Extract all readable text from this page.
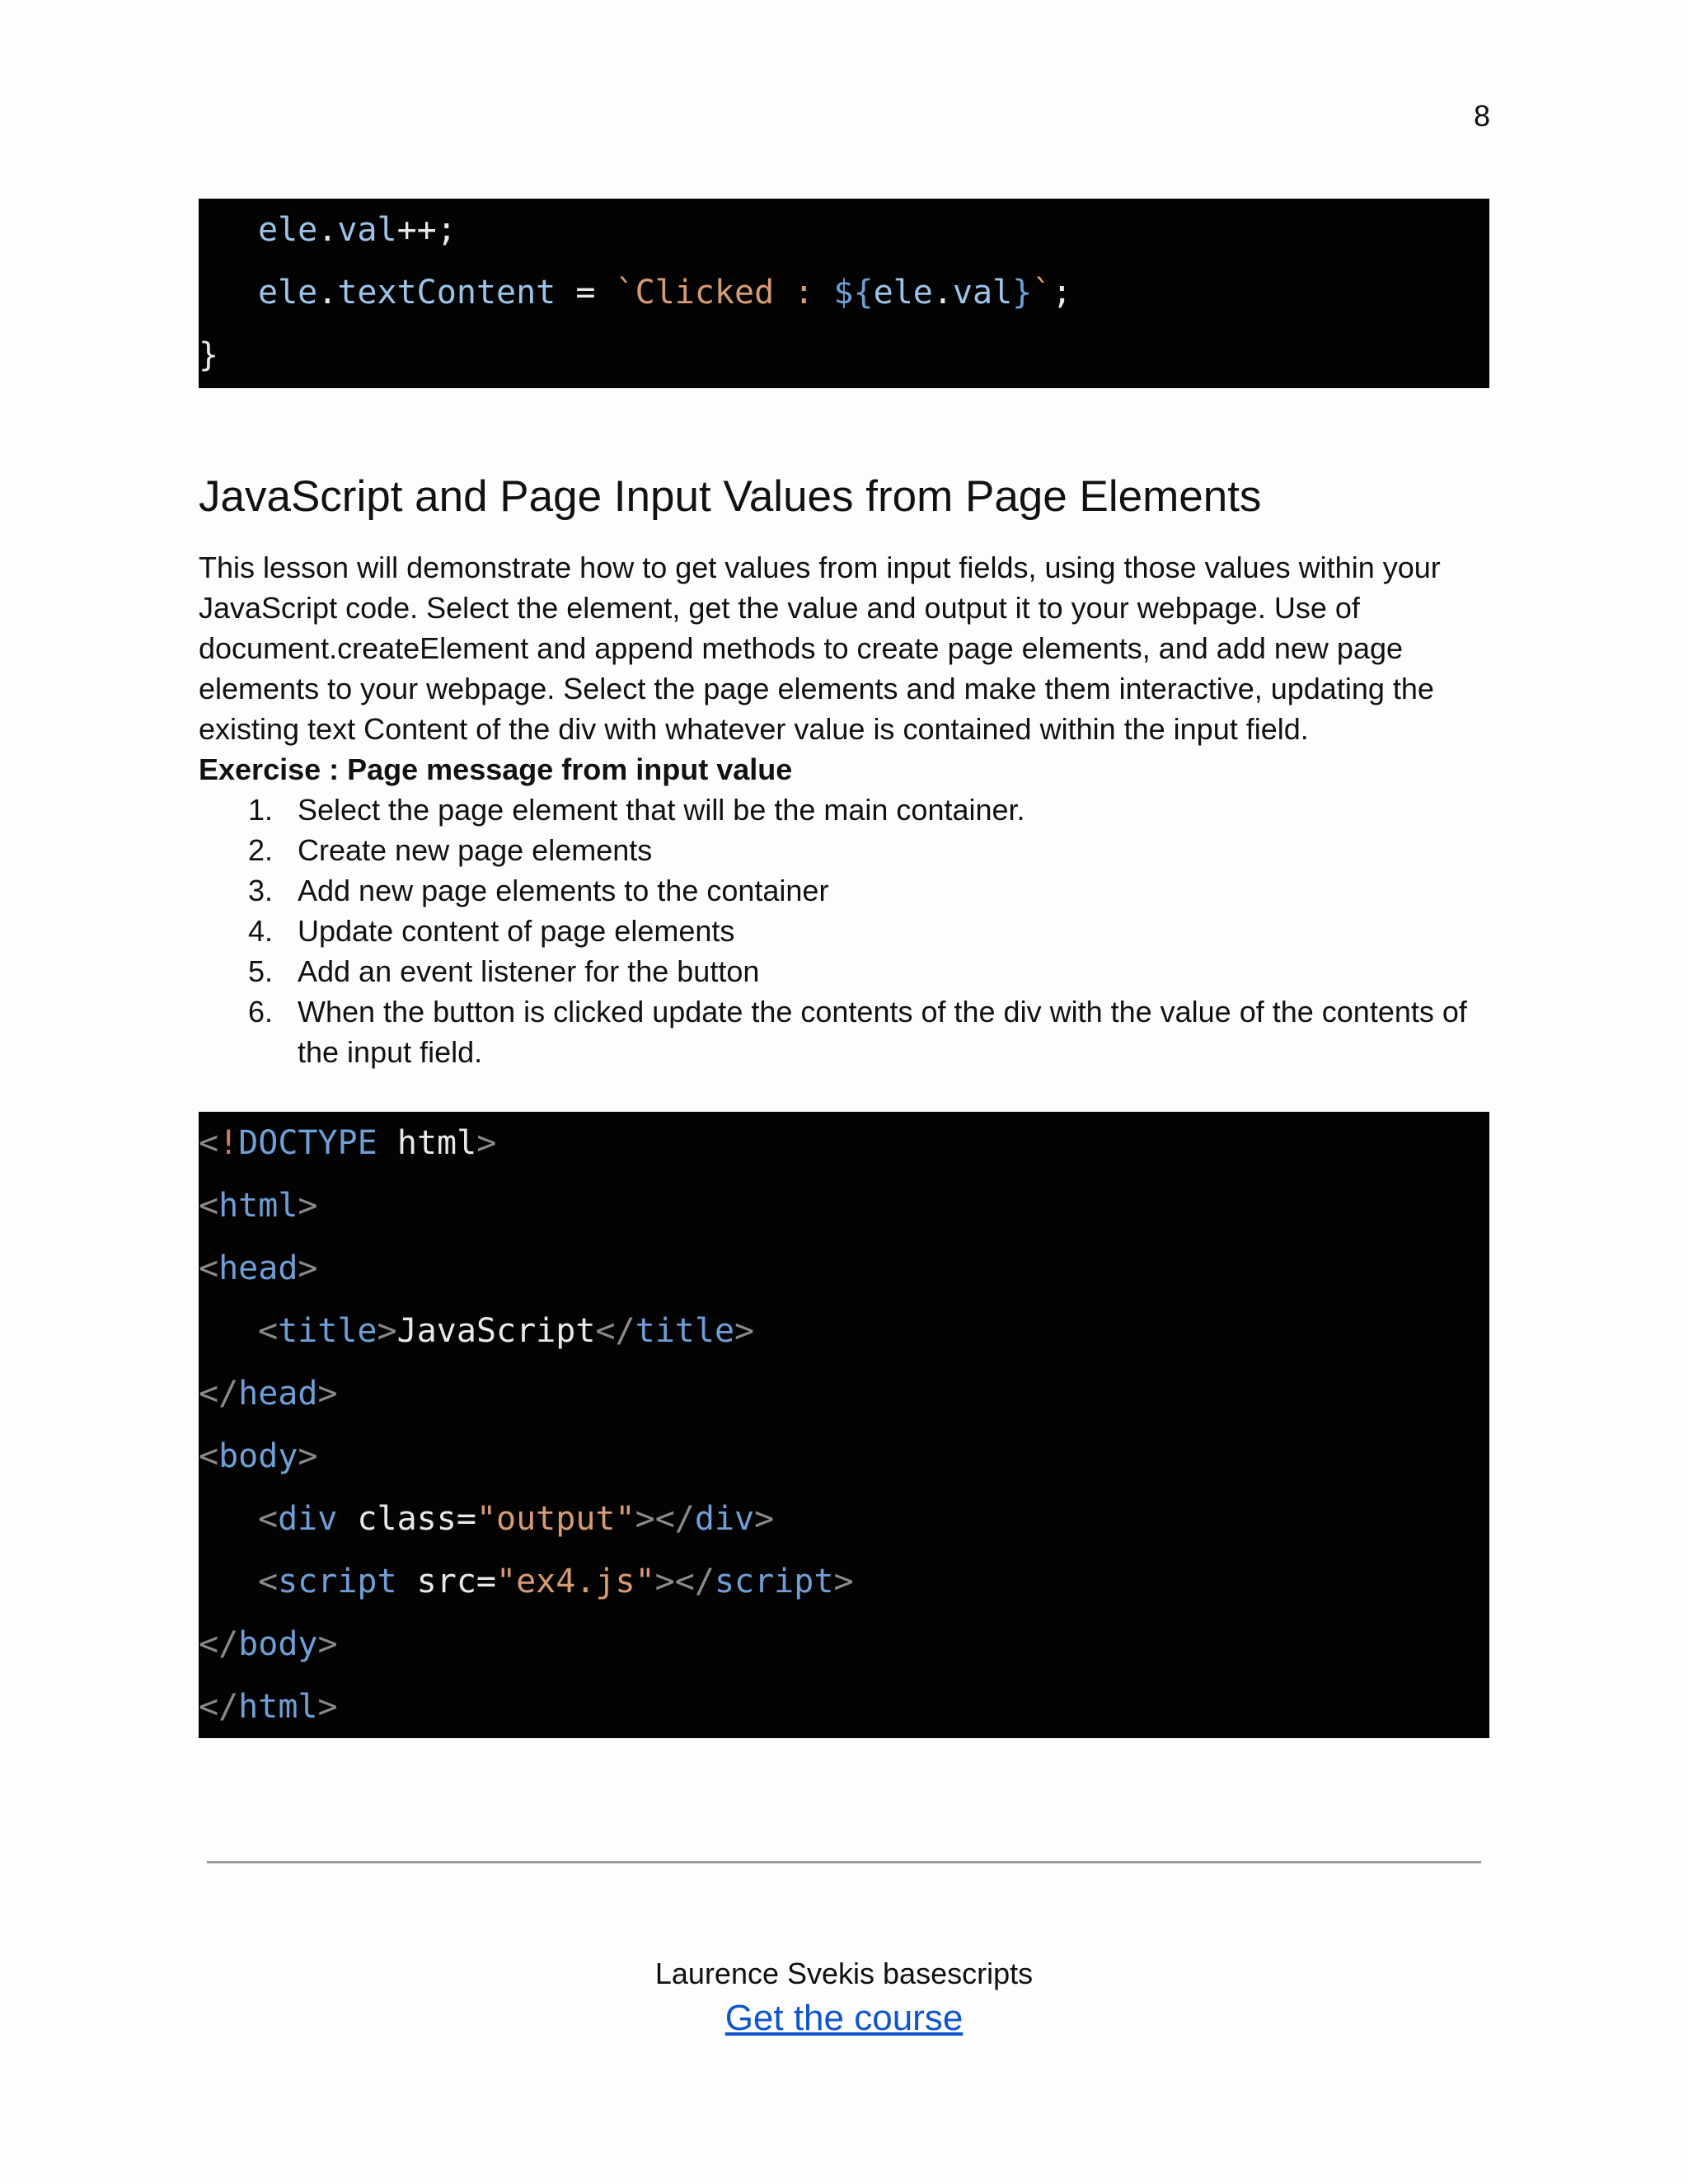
8
ele.val++;
ele.textContent = `Clicked : ${ele.val}`;
}
JavaScript and Page Input Values from Page Elements

This lesson will demonstrate how to get values from input fields, using those values within your JavaScript code. Select the element, get the value and output it to your webpage. Use of document.createElement and append methods to create page elements, and add new page elements to your webpage. Select the page elements and make them interactive, updating the existing text Content of the div with whatever value is contained within the input field.

Exercise : Page message from input value
1. Select the page element that will be the main container.
2. Create new page elements
3. Add new page elements to the container
4. Update content of page elements
5. Add an event listener for the button
6. When the button is clicked update the contents of the div with the value of the contents of the input field.
<!DOCTYPE html>
<html>
<head>
<title>JavaScript</title>
</head>
<body>
<div class="output"></div>
<script src="ex4.js"></script>
</body>
</html>
Laurence Svekis basescripts
Get the course
